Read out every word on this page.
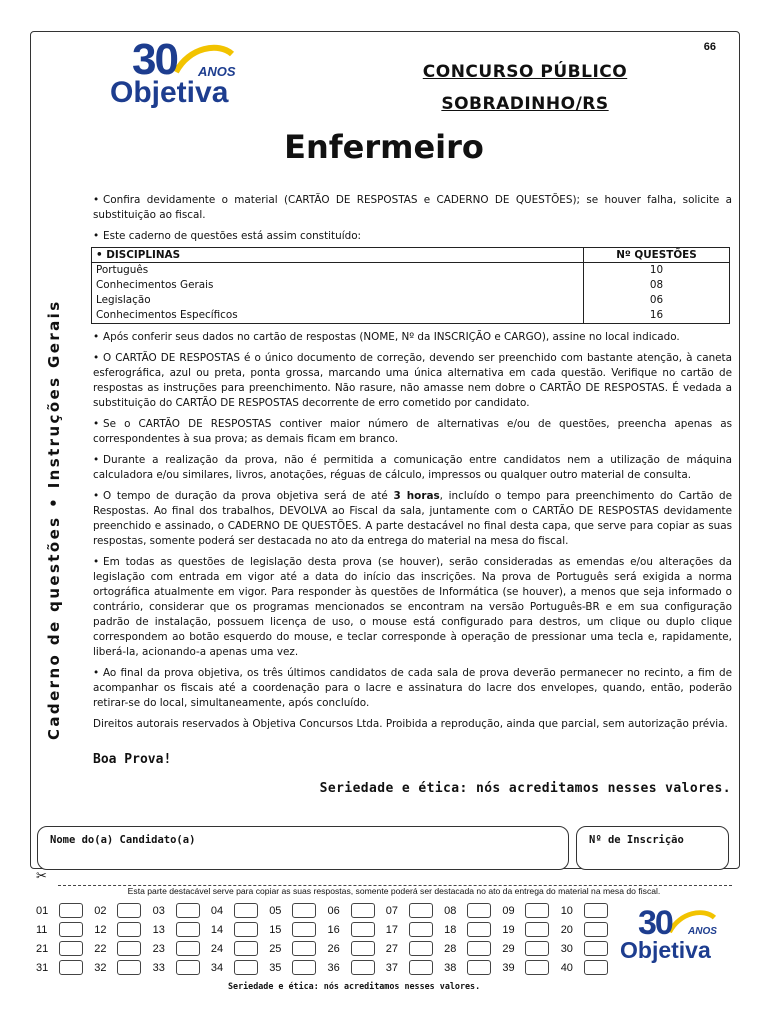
66
30 ANOS
Objetiva
CONCURSO PÚBLICO
SOBRADINHO/RS
Enfermeiro
Caderno de questões • Instruções Gerais

• Confira devidamente o material (CARTÃO DE RESPOSTAS e CADERNO DE QUESTÕES); se houver falha, solicite a substituição ao fiscal.

• Este caderno de questões está assim constituído:

• DISCIPLINAS	Nº QUESTÕES
Português	10
Conhecimentos Gerais	08
Legislação	06
Conhecimentos Específicos	16

• Após conferir seus dados no cartão de respostas (NOME, Nº da INSCRIÇÃO e CARGO), assine no local indicado.

• O CARTÃO DE RESPOSTAS é o único documento de correção, devendo ser preenchido com bastante atenção, à caneta esferográfica, azul ou preta, ponta grossa, marcando uma única alternativa em cada questão. Verifique no cartão de respostas as instruções para preenchimento. Não rasure, não amasse nem dobre o CARTÃO DE RESPOSTAS. É vedada a substituição do CARTÃO DE RESPOSTAS decorrente de erro cometido por candidato.

• Se o CARTÃO DE RESPOSTAS contiver maior número de alternativas e/ou de questões, preencha apenas as correspondentes à sua prova; as demais ficam em branco.

• Durante a realização da prova, não é permitida a comunicação entre candidatos nem a utilização de máquina calculadora e/ou similares, livros, anotações, réguas de cálculo, impressos ou qualquer outro material de consulta.

• O tempo de duração da prova objetiva será de até 3 horas, incluído o tempo para preenchimento do Cartão de Respostas. Ao final dos trabalhos, DEVOLVA ao Fiscal da sala, juntamente com o CARTÃO DE RESPOSTAS devidamente preenchido e assinado, o CADERNO DE QUESTÕES. A parte destacável no final desta capa, que serve para copiar as suas respostas, somente poderá ser destacada no ato da entrega do material na mesa do fiscal.

• Em todas as questões de legislação desta prova (se houver), serão consideradas as emendas e/ou alterações da legislação com entrada em vigor até a data do início das inscrições. Na prova de Português será exigida a norma ortográfica atualmente em vigor. Para responder às questões de Informática (se houver), a menos que seja informado o contrário, considerar que os programas mencionados se encontram na versão Português-BR e em sua configuração padrão de instalação, possuem licença de uso, o mouse está configurado para destros, um clique ou duplo clique correspondem ao botão esquerdo do mouse, e teclar corresponde à operação de pressionar uma tecla e, rapidamente, liberá-la, acionando-a apenas uma vez.

• Ao final da prova objetiva, os três últimos candidatos de cada sala de prova deverão permanecer no recinto, a fim de acompanhar os fiscais até a coordenação para o lacre e assinatura do lacre dos envelopes, quando, então, poderão retirar-se do local, simultaneamente, após concluído.

Direitos autorais reservados à Objetiva Concursos Ltda. Proibida a reprodução, ainda que parcial, sem autorização prévia.

Boa Prova!
Seriedade e ética: nós acreditamos nesses valores.
Nome do(a) Candidato(a)	Nº de Inscrição
✂
Esta parte destacável serve para copiar as suas respostas, somente poderá ser destacada no ato da entrega do material na mesa do fiscal.
01	02	03	04	05	06	07	08	09	10
11	12	13	14	15	16	17	18	19	20
21	22	23	24	25	26	27	28	29	30
31	32	33	34	35	36	37	38	39	40
30 ANOS
Objetiva
Seriedade e ética: nós acreditamos nesses valores.
